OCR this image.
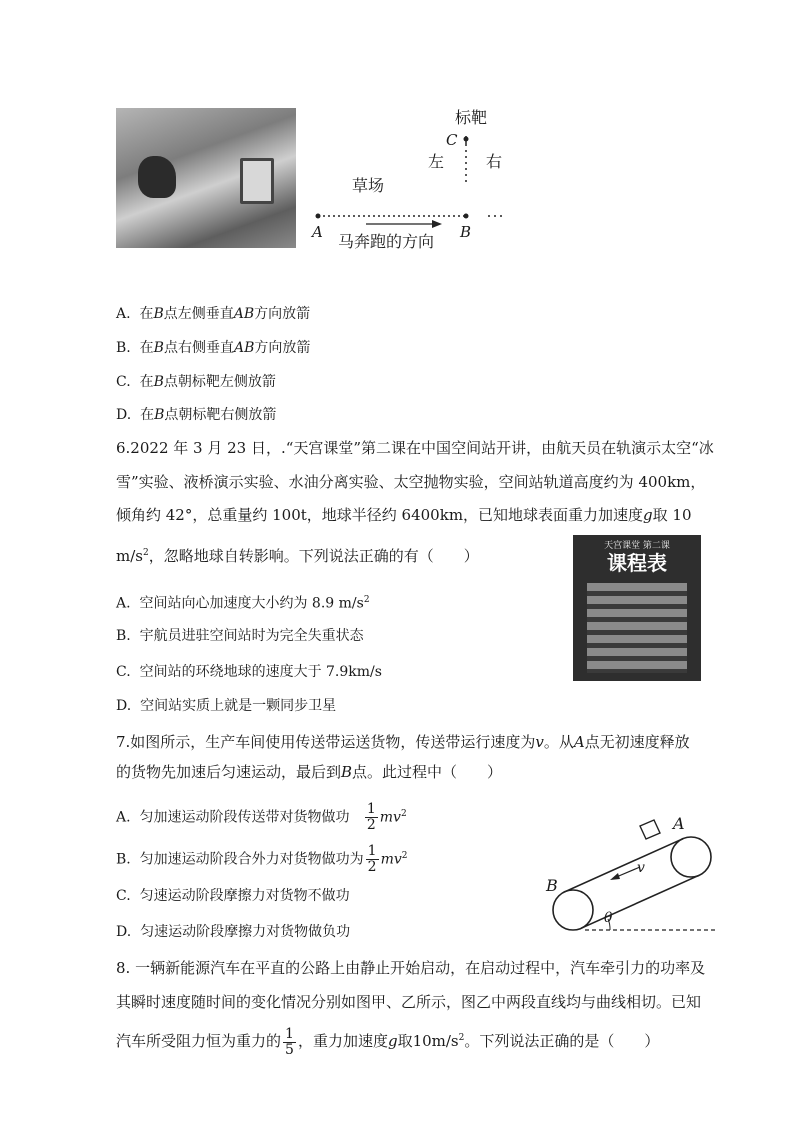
标靶
C
左	右
草场
A	B
马奔跑的方向
A. 在B点左侧垂直AB方向放箭
B. 在B点右侧垂直AB方向放箭
C. 在B点朝标靶左侧放箭
D. 在B点朝标靶右侧放箭
6.2022 年 3 月 23 日，.“天宫课堂”第二课在中国空间站开讲，由航天员在轨演示太空“冰
雪”实验、液桥演示实验、水油分离实验、太空抛物实验，空间站轨道高度约为 400km，
倾角约 42°，总重量约 100t，地球半径约 6400km，已知地球表面重力加速度g取 10
$m/s^2$，忽略地球自转影响。下列说法正确的有（　　）
天宫课堂 第二课
课程表
A. 空间站向心加速度大小约为 8.9 $m/s^2$
B. 宇航员进驻空间站时为完全失重状态
C. 空间站的环绕地球的速度大于 7.9km/s
D. 空间站实质上就是一颗同步卫星
7.如图所示，生产车间使用传送带运送货物，传送带运行速度为v。从A点无初速度释放
的货物先加速后匀速运动，最后到B点。此过程中（　　）
A. 匀加速运动阶段传送带对货物做功 $\frac{1}{2} mv^2$
B. 匀加速运动阶段合外力对货物做功为 $\frac{1}{2} mv^2$
C. 匀速运动阶段摩擦力对货物不做功
D. 匀速运动阶段摩擦力对货物做负功
A
B
v
θ
8. 一辆新能源汽车在平直的公路上由静止开始启动，在启动过程中，汽车牵引力的功率及
其瞬时速度随时间的变化情况分别如图甲、乙所示，图乙中两段直线均与曲线相切。已知
汽车所受阻力恒为重力的 $\frac{1}{5}$ ，重力加速度g取$10m/s^2$。下列说法正确的是（　　）
